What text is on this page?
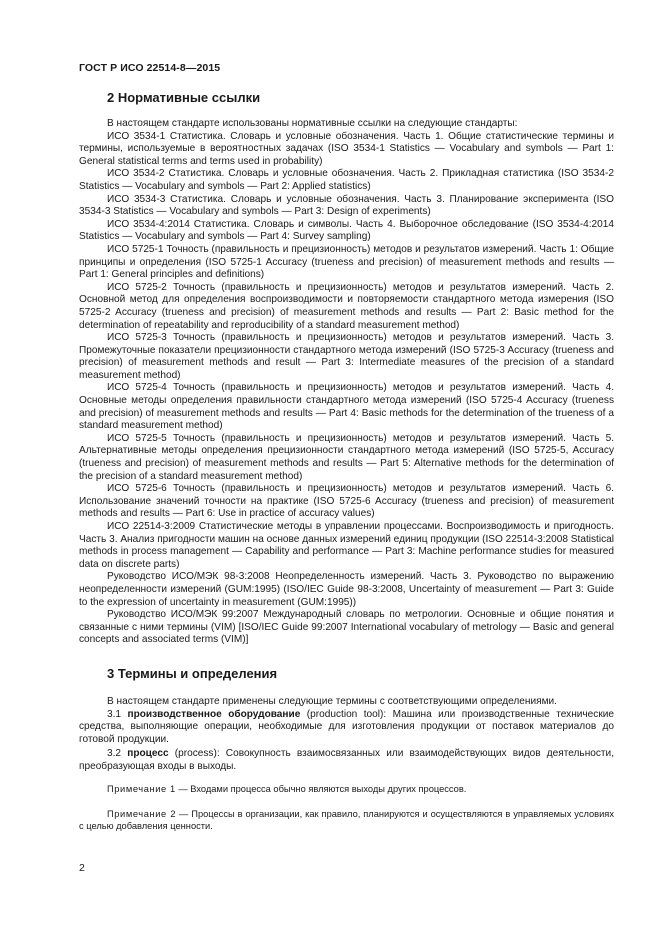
ГОСТ Р ИСО 22514-8—2015
2 Нормативные ссылки

В настоящем стандарте использованы нормативные ссылки на следующие стандарты:

ИСО 3534-1 Статистика. Словарь и условные обозначения. Часть 1. Общие статистические термины и термины, используемые в вероятностных задачах (ISO 3534-1 Statistics — Vocabulary and symbols — Part 1: General statistical terms and terms used in probability)

ИСО 3534-2 Статистика. Словарь и условные обозначения. Часть 2. Прикладная статистика (ISO 3534-2 Statistics — Vocabulary and symbols — Part 2: Applied statistics)

ИСО 3534-3 Статистика. Словарь и условные обозначения. Часть 3. Планирование эксперимента (ISO 3534-3 Statistics — Vocabulary and symbols — Part 3: Design of experiments)

ИСО 3534-4:2014 Статистика. Словарь и символы. Часть 4. Выборочное обследование (ISO 3534-4:2014 Statistics — Vocabulary and symbols — Part 4: Survey sampling)

ИСО 5725-1 Точность (правильность и прецизионность) методов и результатов измерений. Часть 1: Общие принципы и определения (ISO 5725-1 Accuracy (trueness and precision) of measurement methods and results — Part 1: General principles and definitions)

ИСО 5725-2 Точность (правильность и прецизионность) методов и результатов измерений. Часть 2. Основной метод для определения воспроизводимости и повторяемости стандартного метода измерения (ISO 5725-2 Accuracy (trueness and precision) of measurement methods and results — Part 2: Basic method for the determination of repeatability and reproducibility of a standard measurement method)

ИСО 5725-3 Точность (правильность и прецизионность) методов и результатов измерений. Часть 3. Промежуточные показатели прецизионности стандартного метода измерений (ISO 5725-3 Accuracy (trueness and precision) of measurement methods and result — Part 3: Intermediate measures of the precision of a standard measurement method)

ИСО 5725-4 Точность (правильность и прецизионность) методов и результатов измерений. Часть 4. Основные методы определения правильности стандартного метода измерений (ISO 5725-4 Accuracy (trueness and precision) of measurement methods and results — Part 4: Basic methods for the determination of the trueness of a standard measurement method)

ИСО 5725-5 Точность (правильность и прецизионность) методов и результатов измерений. Часть 5. Альтернативные методы определения прецизионности стандартного метода измерений (ISO 5725-5, Accuracy (trueness and precision) of measurement methods and results — Part 5: Alternative methods for the determination of the precision of a standard measurement method)

ИСО 5725-6 Точность (правильность и прецизионность) методов и результатов измерений. Часть 6. Использование значений точности на практике (ISO 5725-6 Accuracy (trueness and precision) of measurement methods and results — Part 6: Use in practice of accuracy values)

ИСО 22514-3:2009 Статистические методы в управлении процессами. Воспроизводимость и пригодность. Часть 3. Анализ пригодности машин на основе данных измерений единиц продукции (ISO 22514-3:2008 Statistical methods in process management — Capability and performance — Part 3: Machine performance studies for measured data on discrete parts)

Руководство ИСО/МЭК 98-3:2008 Неопределенность измерений. Часть 3. Руководство по выражению неопределенности измерений (GUM:1995) (ISO/IEC Guide 98-3:2008, Uncertainty of measurement — Part 3: Guide to the expression of uncertainty in measurement (GUM:1995))

Руководство ИСО/МЭК 99:2007 Международный словарь по метрологии. Основные и общие понятия и связанные с ними термины (VIM) [ISO/IEC Guide 99:2007 International vocabulary of metrology — Basic and general concepts and associated terms (VIM)]

3 Термины и определения

В настоящем стандарте применены следующие термины с соответствующими определениями.

3.1 производственное оборудование (production tool): Машина или производственные технические средства, выполняющие операции, необходимые для изготовления продукции от поставок материалов до готовой продукции.

3.2 процесс (process): Совокупность взаимосвязанных или взаимодействующих видов деятельности, преобразующая входы в выходы.

Примечание 1 — Входами процесса обычно являются выходы других процессов.

Примечание 2 — Процессы в организации, как правило, планируются и осуществляются в управляемых условиях с целью добавления ценности.

2
